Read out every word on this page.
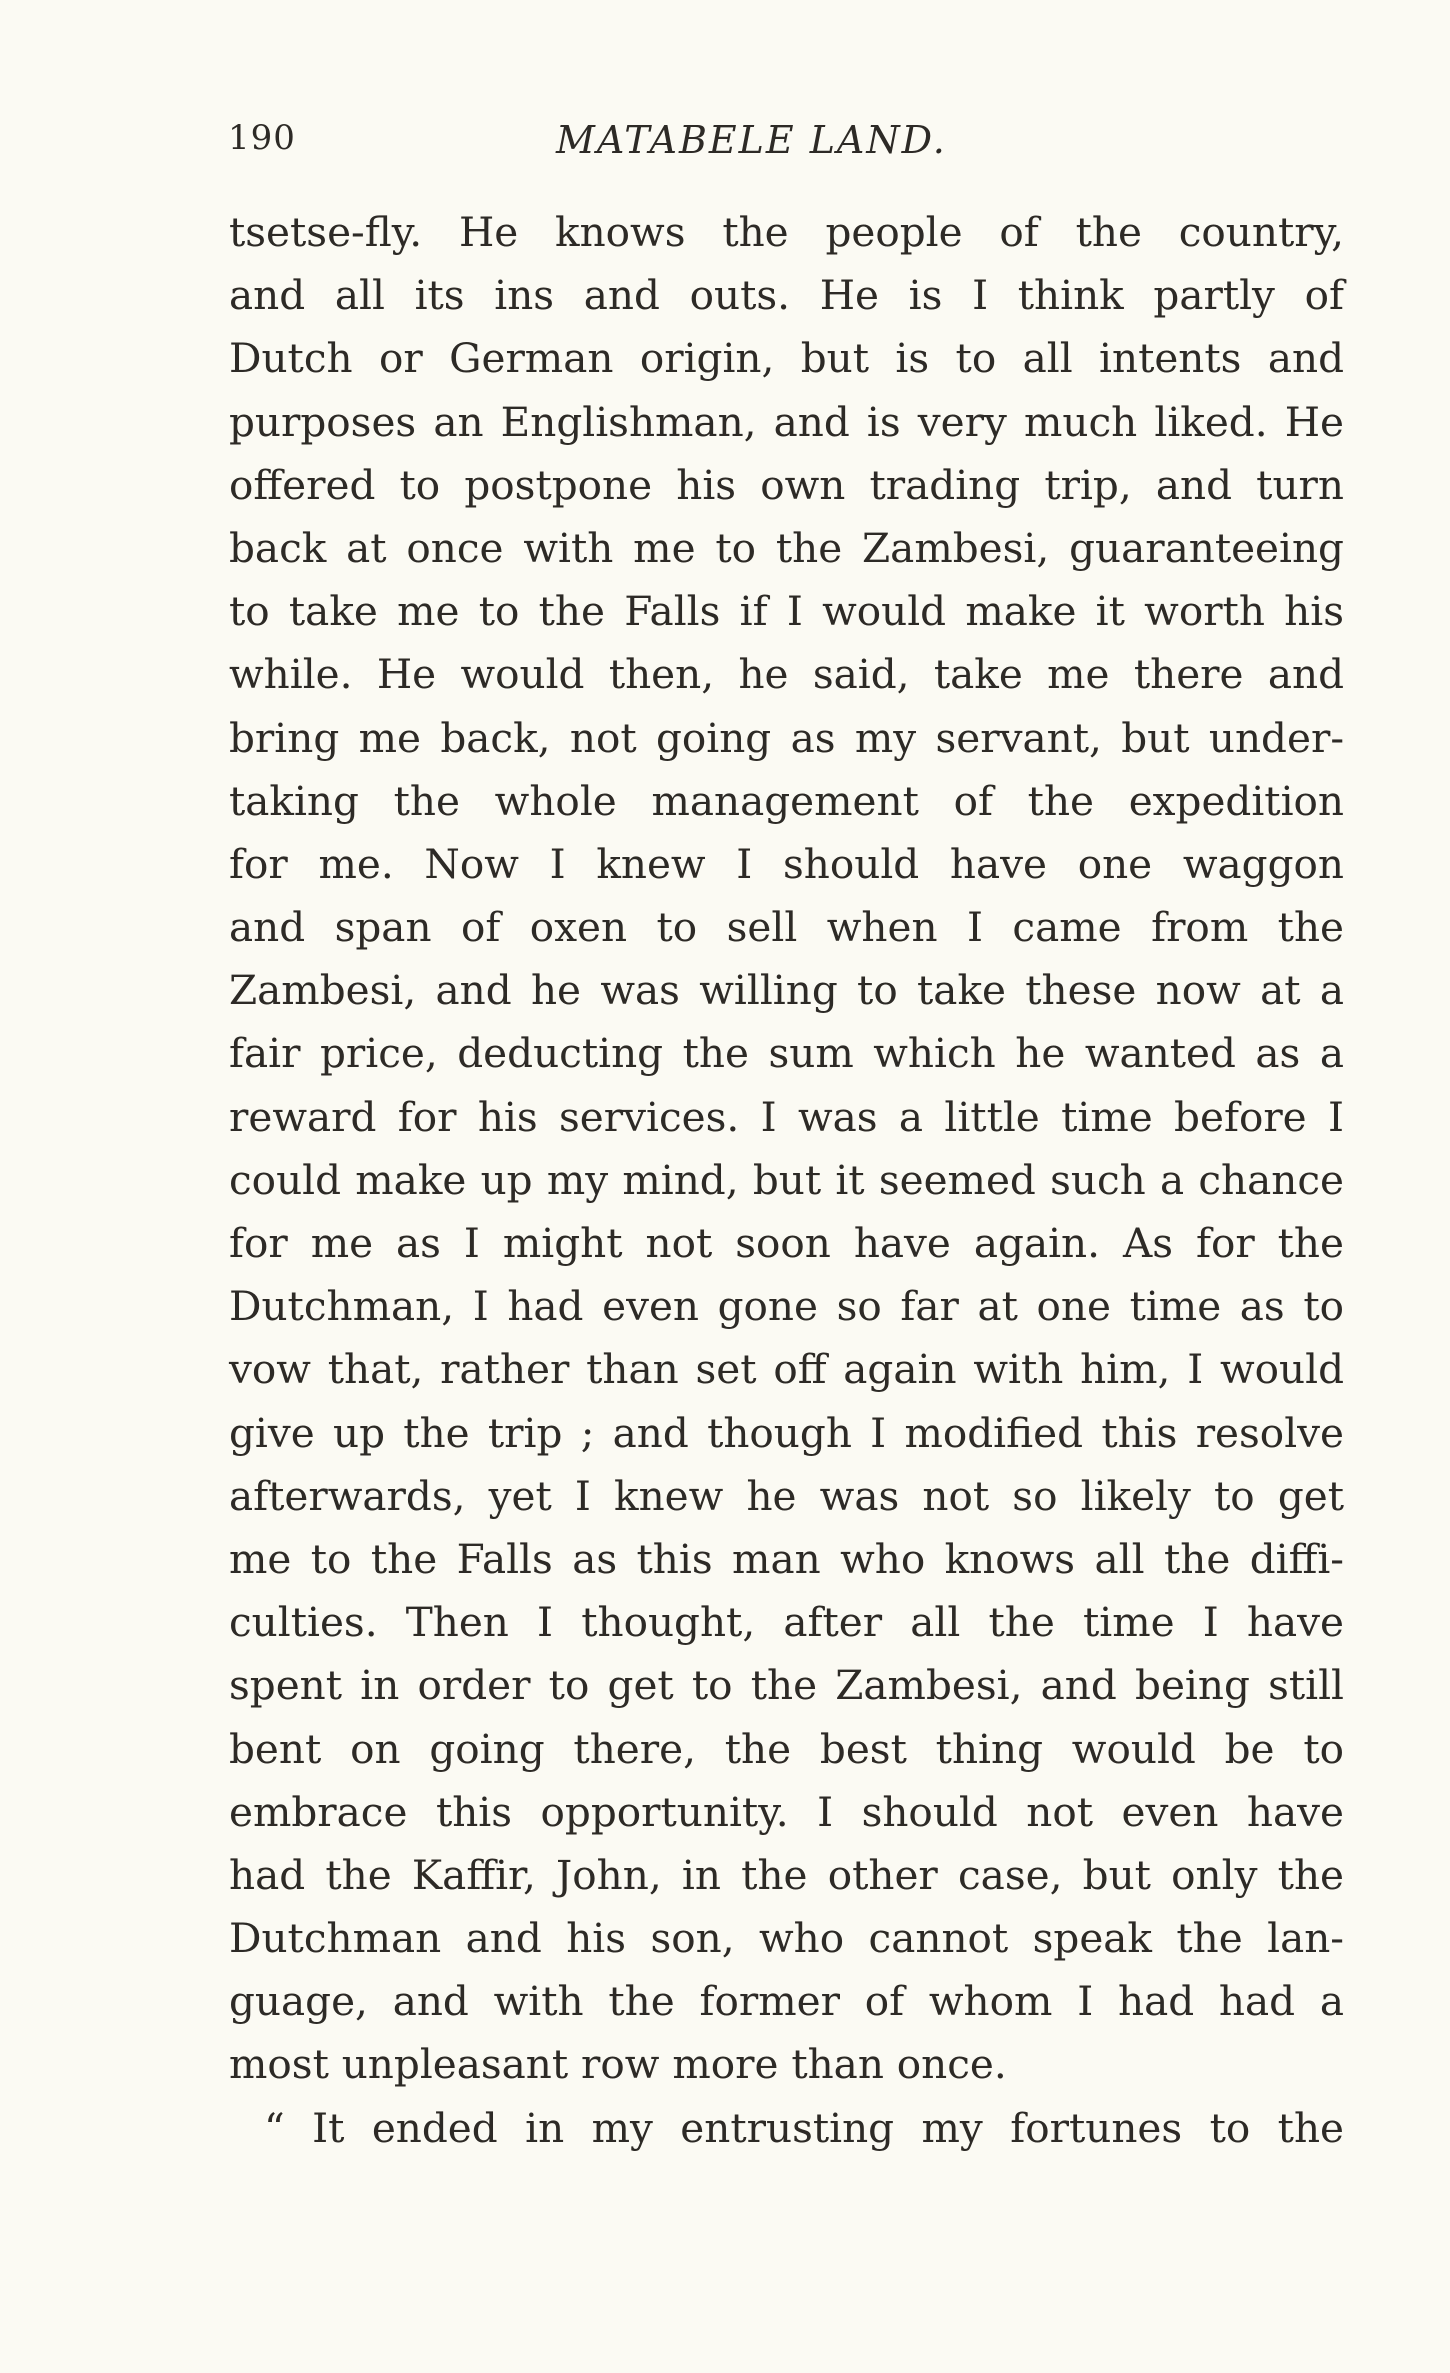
190	MATABELE LAND.
tsetse-fly. He knows the people of the country,
and all its ins and outs. He is I think partly of
Dutch or German origin, but is to all intents and
purposes an Englishman, and is very much liked. He
offered to postpone his own trading trip, and turn
back at once with me to the Zambesi, guaranteeing
to take me to the Falls if I would make it worth his
while. He would then, he said, take me there and
bring me back, not going as my servant, but under-
taking the whole management of the expedition
for me. Now I knew I should have one waggon
and span of oxen to sell when I came from the
Zambesi, and he was willing to take these now at a
fair price, deducting the sum which he wanted as a
reward for his services. I was a little time before I
could make up my mind, but it seemed such a chance
for me as I might not soon have again. As for the
Dutchman, I had even gone so far at one time as to
vow that, rather than set off again with him, I would
give up the trip ; and though I modified this resolve
afterwards, yet I knew he was not so likely to get
me to the Falls as this man who knows all the diffi-
culties. Then I thought, after all the time I have
spent in order to get to the Zambesi, and being still
bent on going there, the best thing would be to
embrace this opportunity. I should not even have
had the Kaffir, John, in the other case, but only the
Dutchman and his son, who cannot speak the lan-
guage, and with the former of whom I had had a
most unpleasant row more than once.
“ It ended in my entrusting my fortunes to the
